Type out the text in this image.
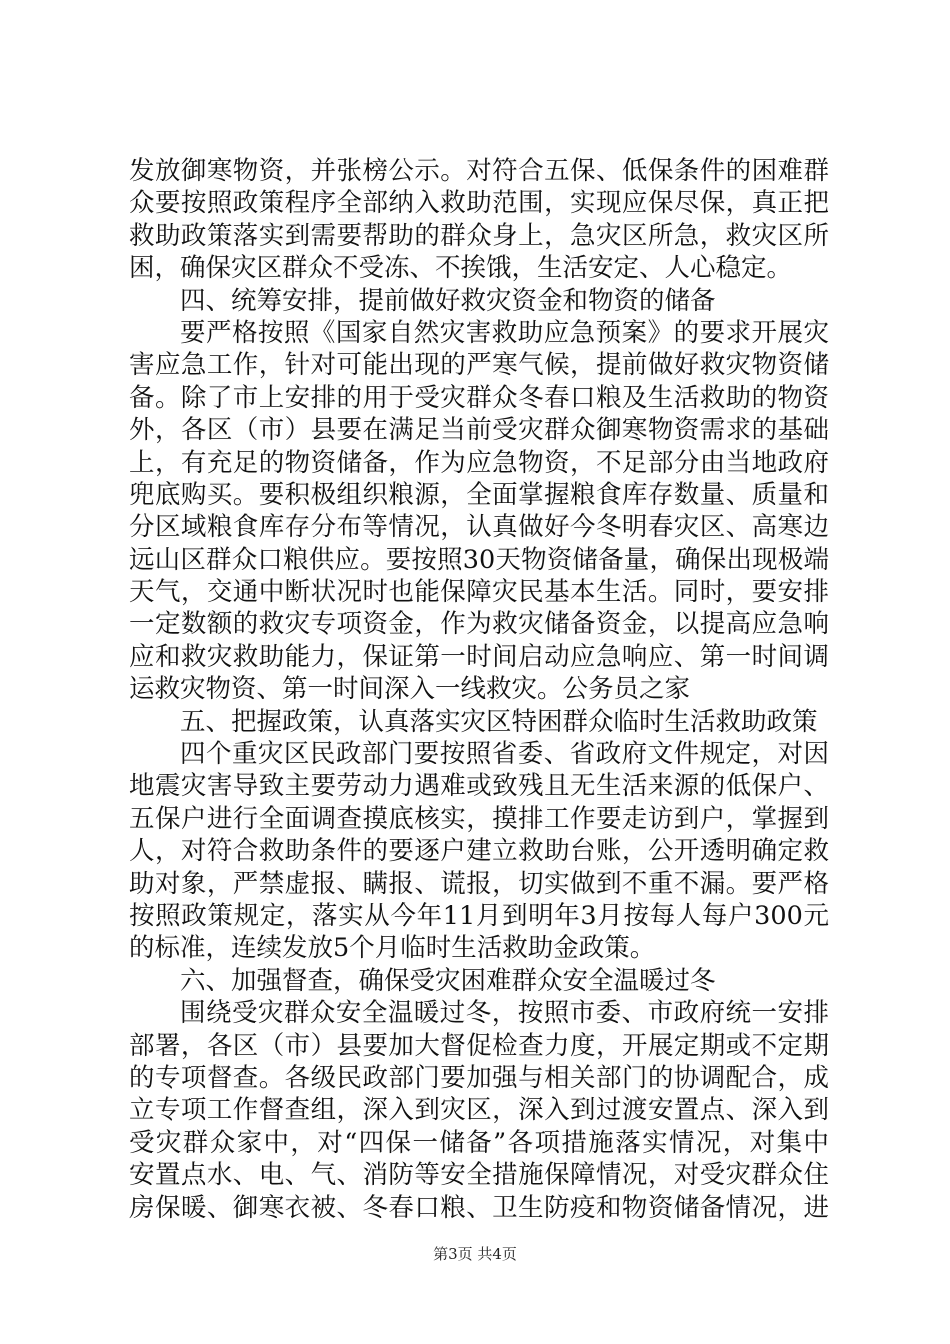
发放御寒物资，并张榜公示。对符合五保、低保条件的困难群
众要按照政策程序全部纳入救助范围，实现应保尽保，真正把
救助政策落实到需要帮助的群众身上，急灾区所急，救灾区所
困，确保灾区群众不受冻、不挨饿，生活安定、人心稳定。
四、统筹安排，提前做好救灾资金和物资的储备
要严格按照《国家自然灾害救助应急预案》的要求开展灾
害应急工作，针对可能出现的严寒气候，提前做好救灾物资储
备。除了市上安排的用于受灾群众冬春口粮及生活救助的物资
外，各区（市）县要在满足当前受灾群众御寒物资需求的基础
上，有充足的物资储备，作为应急物资，不足部分由当地政府
兜底购买。要积极组织粮源，全面掌握粮食库存数量、质量和
分区域粮食库存分布等情况，认真做好今冬明春灾区、高寒边
远山区群众口粮供应。要按照30天物资储备量，确保出现极端
天气，交通中断状况时也能保障灾民基本生活。同时，要安排
一定数额的救灾专项资金，作为救灾储备资金，以提高应急响
应和救灾救助能力，保证第一时间启动应急响应、第一时间调
运救灾物资、第一时间深入一线救灾。公务员之家
五、把握政策，认真落实灾区特困群众临时生活救助政策
四个重灾区民政部门要按照省委、省政府文件规定，对因
地震灾害导致主要劳动力遇难或致残且无生活来源的低保户、
五保户进行全面调查摸底核实，摸排工作要走访到户，掌握到
人，对符合救助条件的要逐户建立救助台账，公开透明确定救
助对象，严禁虚报、瞒报、谎报，切实做到不重不漏。要严格
按照政策规定，落实从今年11月到明年3月按每人每户300元
的标准，连续发放5个月临时生活救助金政策。
六、加强督查，确保受灾困难群众安全温暖过冬
围绕受灾群众安全温暖过冬，按照市委、市政府统一安排
部署，各区（市）县要加大督促检查力度，开展定期或不定期
的专项督查。各级民政部门要加强与相关部门的协调配合，成
立专项工作督查组，深入到灾区，深入到过渡安置点、深入到
受灾群众家中，对“四保一储备”各项措施落实情况，对集中
安置点水、电、气、消防等安全措施保障情况，对受灾群众住
房保暖、御寒衣被、冬春口粮、卫生防疫和物资储备情况，进
第3页 共4页
